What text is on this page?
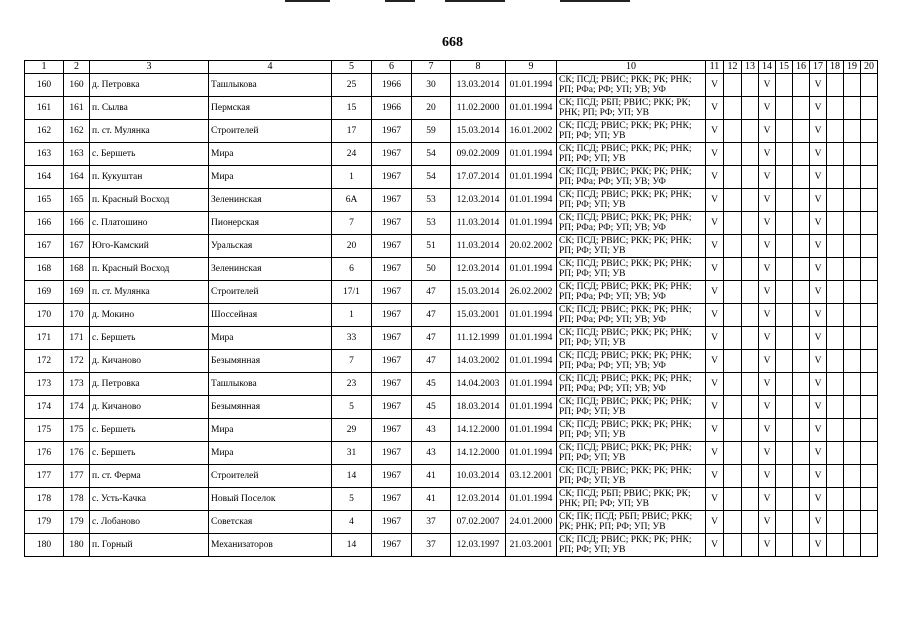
668
1	2	3	4	5	6	7	8	9	10	11	12	13	14	15	16	17	18	19	20
160	160	д. Петровка	Ташлыкова	25	1966	30	13.03.2014	01.01.1994	СК; ПСД; РВИС; РКК; РК; РНК; РП; РФа; РФ; УП; УВ; УФ	V			V			V			
161	161	п. Сылва	Пермская	15	1966	20	11.02.2000	01.01.1994	СК; ПСД; РБП; РВИС; РКК; РК; РНК; РП; РФ; УП; УВ	V			V			V			
162	162	п. ст. Мулянка	Строителей	17	1967	59	15.03.2014	16.01.2002	СК; ПСД; РВИС; РКК; РК; РНК; РП; РФ; УП; УВ	V			V			V			
163	163	с. Бершеть	Мира	24	1967	54	09.02.2009	01.01.1994	СК; ПСД; РВИС; РКК; РК; РНК; РП; РФ; УП; УВ	V			V			V			
164	164	п. Кукуштан	Мира	1	1967	54	17.07.2014	01.01.1994	СК; ПСД; РВИС; РКК; РК; РНК; РП; РФа; РФ; УП; УВ; УФ	V			V			V			
165	165	п. Красный Восход	Зеленинская	6А	1967	53	12.03.2014	01.01.1994	СК; ПСД; РВИС; РКК; РК; РНК; РП; РФ; УП; УВ	V			V			V			
166	166	с. Платошино	Пионерская	7	1967	53	11.03.2014	01.01.1994	СК; ПСД; РВИС; РКК; РК; РНК; РП; РФа; РФ; УП; УВ; УФ	V			V			V			
167	167	Юго-Камский	Уральская	20	1967	51	11.03.2014	20.02.2002	СК; ПСД; РВИС; РКК; РК; РНК; РП; РФ; УП; УВ	V			V			V			
168	168	п. Красный Восход	Зеленинская	6	1967	50	12.03.2014	01.01.1994	СК; ПСД; РВИС; РКК; РК; РНК; РП; РФ; УП; УВ	V			V			V			
169	169	п. ст. Мулянка	Строителей	17/1	1967	47	15.03.2014	26.02.2002	СК; ПСД; РВИС; РКК; РК; РНК; РП; РФа; РФ; УП; УВ; УФ	V			V			V			
170	170	д. Мокино	Шоссейная	1	1967	47	15.03.2001	01.01.1994	СК; ПСД; РВИС; РКК; РК; РНК; РП; РФа; РФ; УП; УВ; УФ	V			V			V			
171	171	с. Бершеть	Мира	33	1967	47	11.12.1999	01.01.1994	СК; ПСД; РВИС; РКК; РК; РНК; РП; РФ; УП; УВ	V			V			V			
172	172	д. Кичаново	Безымянная	7	1967	47	14.03.2002	01.01.1994	СК; ПСД; РВИС; РКК; РК; РНК; РП; РФа; РФ; УП; УВ; УФ	V			V			V			
173	173	д. Петровка	Ташлыкова	23	1967	45	14.04.2003	01.01.1994	СК; ПСД; РВИС; РКК; РК; РНК; РП; РФа; РФ; УП; УВ; УФ	V			V			V			
174	174	д. Кичаново	Безымянная	5	1967	45	18.03.2014	01.01.1994	СК; ПСД; РВИС; РКК; РК; РНК; РП; РФ; УП; УВ	V			V			V			
175	175	с. Бершеть	Мира	29	1967	43	14.12.2000	01.01.1994	СК; ПСД; РВИС; РКК; РК; РНК; РП; РФ; УП; УВ	V			V			V			
176	176	с. Бершеть	Мира	31	1967	43	14.12.2000	01.01.1994	СК; ПСД; РВИС; РКК; РК; РНК; РП; РФ; УП; УВ	V			V			V			
177	177	п. ст. Ферма	Строителей	14	1967	41	10.03.2014	03.12.2001	СК; ПСД; РВИС; РКК; РК; РНК; РП; РФ; УП; УВ	V			V			V			
178	178	с. Усть-Качка	Новый Поселок	5	1967	41	12.03.2014	01.01.1994	СК; ПСД; РБП; РВИС; РКК; РК; РНК; РП; РФ; УП; УВ	V			V			V			
179	179	с. Лобаново	Советская	4	1967	37	07.02.2007	24.01.2000	СК; ПК; ПСД; РБП; РВИС; РКК; РК; РНК; РП; РФ; УП; УВ	V			V			V			
180	180	п. Горный	Механизаторов	14	1967	37	12.03.1997	21.03.2001	СК; ПСД; РВИС; РКК; РК; РНК; РП; РФ; УП; УВ	V			V			V			
